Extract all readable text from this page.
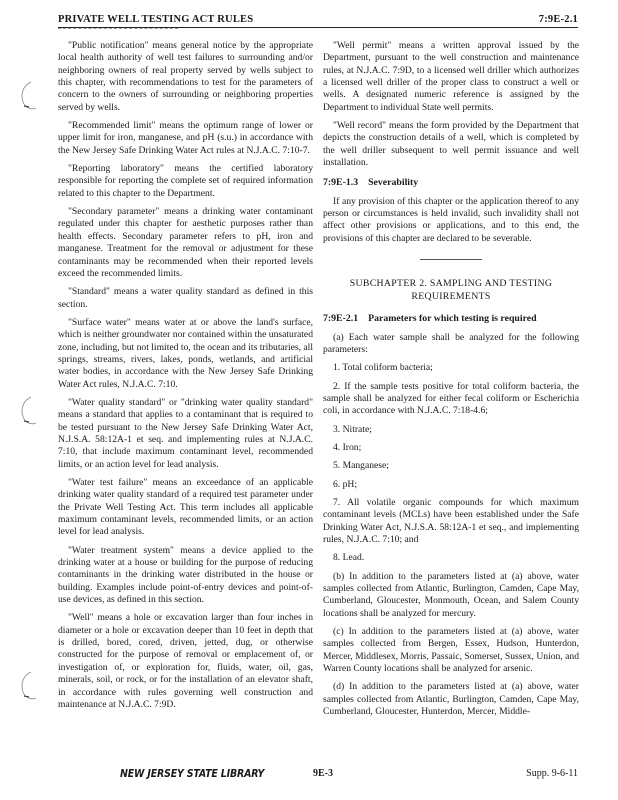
PRIVATE WELL TESTING ACT RULES	7:9E-2.1

"Public notification" means general notice by the appropriate local health authority of well test failures to surrounding and/or neighboring owners of real property served by wells subject to this chapter, with recommendations to test for the parameters of concern to the owners of surrounding or neighboring properties served by wells.

"Recommended limit" means the optimum range of lower or upper limit for iron, manganese, and pH (s.u.) in accordance with the New Jersey Safe Drinking Water Act rules at N.J.A.C. 7:10-7.

"Reporting laboratory" means the certified laboratory responsible for reporting the complete set of required information related to this chapter to the Department.

"Secondary parameter" means a drinking water contaminant regulated under this chapter for aesthetic purposes rather than health effects. Secondary parameter refers to pH, iron and manganese. Treatment for the removal or adjustment for these contaminants may be recommended when their reported levels exceed the recommended limits.

"Standard" means a water quality standard as defined in this section.

"Surface water" means water at or above the land's surface, which is neither groundwater nor contained within the unsaturated zone, including, but not limited to, the ocean and its tributaries, all springs, streams, rivers, lakes, ponds, wetlands, and artificial water bodies, in accordance with the New Jersey Safe Drinking Water Act rules, N.J.A.C. 7:10.

"Water quality standard" or "drinking water quality standard" means a standard that applies to a contaminant that is required to be tested pursuant to the New Jersey Safe Drinking Water Act, N.J.S.A. 58:12A-1 et seq. and implementing rules at N.J.A.C. 7:10, that include maximum contaminant level, recommended limits, or an action level for lead analysis.

"Water test failure" means an exceedance of an applicable drinking water quality standard of a required test parameter under the Private Well Testing Act. This term includes all applicable maximum contaminant levels, recommended limits, or an action level for lead analysis.

"Water treatment system" means a device applied to the drinking water at a house or building for the purpose of reducing contaminants in the drinking water distributed in the house or building. Examples include point-of-entry devices and point-of-use devices, as defined in this section.

"Well" means a hole or excavation larger than four inches in diameter or a hole or excavation deeper than 10 feet in depth that is drilled, bored, cored, driven, jetted, dug, or otherwise constructed for the purpose of removal or emplacement of, or investigation of, or exploration for, fluids, water, oil, gas, minerals, soil, or rock, or for the installation of an elevator shaft, in accordance with rules governing well construction and maintenance at N.J.A.C. 7:9D.

"Well permit" means a written approval issued by the Department, pursuant to the well construction and maintenance rules, at N.J.A.C. 7:9D, to a licensed well driller which authorizes a licensed well driller of the proper class to construct a well or wells. A designated numeric reference is assigned by the Department to individual State well permits.

"Well record" means the form provided by the Department that depicts the construction details of a well, which is completed by the well driller subsequent to well permit issuance and well installation.

7:9E-1.3 Severability

If any provision of this chapter or the application thereof to any person or circumstances is held invalid, such invalidity shall not affect other provisions or applications, and to this end, the provisions of this chapter are declared to be severable.

SUBCHAPTER 2. SAMPLING AND TESTING
REQUIREMENTS
7:9E-2.1 Parameters for which testing is required

(a) Each water sample shall be analyzed for the following parameters:

1. Total coliform bacteria;

2. If the sample tests positive for total coliform bacteria, the sample shall be analyzed for either fecal coliform or Escherichia coli, in accordance with N.J.A.C. 7:18-4.6;

3. Nitrate;

4. Iron;

5. Manganese;

6. pH;

7. All volatile organic compounds for which maximum contaminant levels (MCLs) have been established under the Safe Drinking Water Act, N.J.S.A. 58:12A-1 et seq., and implementing rules, N.J.A.C. 7:10; and

8. Lead.

(b) In addition to the parameters listed at (a) above, water samples collected from Atlantic, Burlington, Camden, Cape May, Cumberland, Gloucester, Monmouth, Ocean, and Salem County locations shall be analyzed for mercury.

(c) In addition to the parameters listed at (a) above, water samples collected from Bergen, Essex, Hudson, Hunterdon, Mercer, Middlesex, Morris, Passaic, Somerset, Sussex, Union, and Warren County locations shall be analyzed for arsenic.

(d) In addition to the parameters listed at (a) above, water samples collected from Atlantic, Burlington, Camden, Cape May, Cumberland, Gloucester, Hunterdon, Mercer, Middle-

NEW JERSEY STATE LIBRARY	9E-3	Supp. 9-6-11
